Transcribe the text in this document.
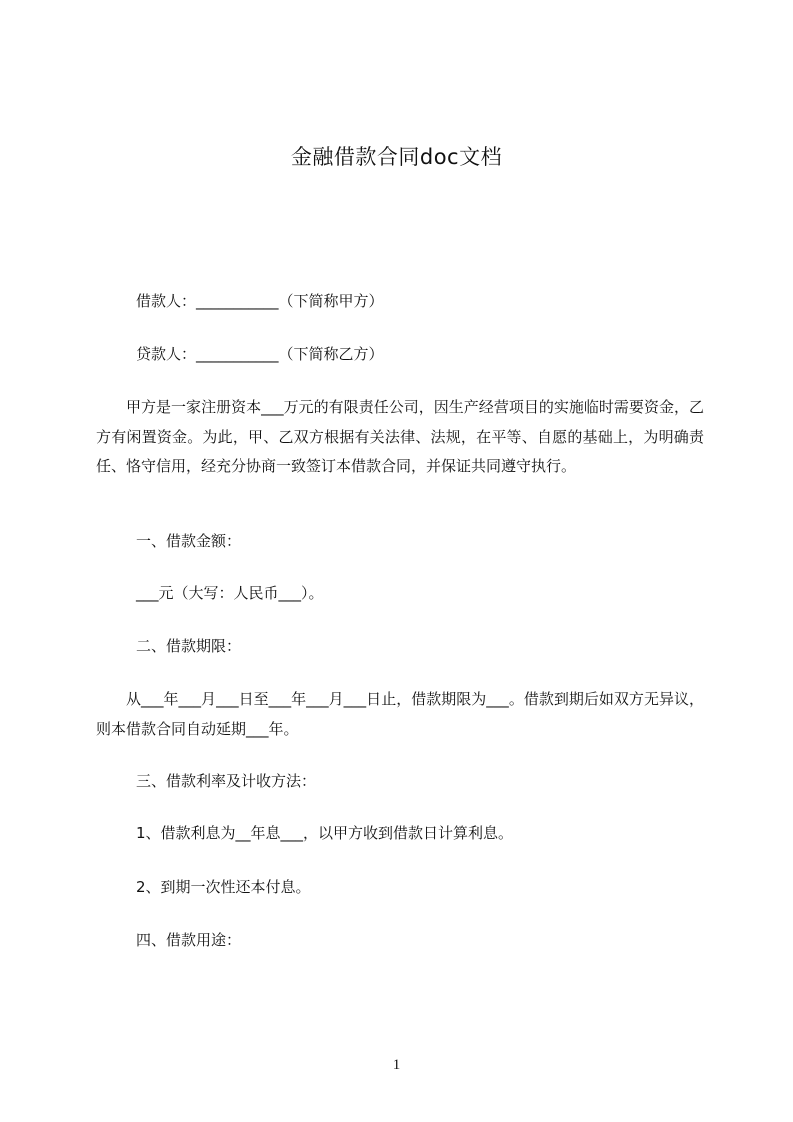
金融借款合同doc文档
借款人：___________（下简称甲方）
贷款人：___________（下简称乙方）
甲方是一家注册资本___万元的有限责任公司，因生产经营项目的实施临时需要资金，乙方有闲置资金。为此，甲、乙双方根据有关法律、法规，在平等、自愿的基础上，为明确责任、恪守信用，经充分协商一致签订本借款合同，并保证共同遵守执行。
一、借款金额：
___元（大写：人民币___）。
二、借款期限：
从___年___月___日至___年___月___日止，借款期限为___。借款到期后如双方无异议，则本借款合同自动延期___年。
三、借款利率及计收方法：
1、借款利息为__年息___，以甲方收到借款日计算利息。
2、到期一次性还本付息。
四、借款用途：
1
